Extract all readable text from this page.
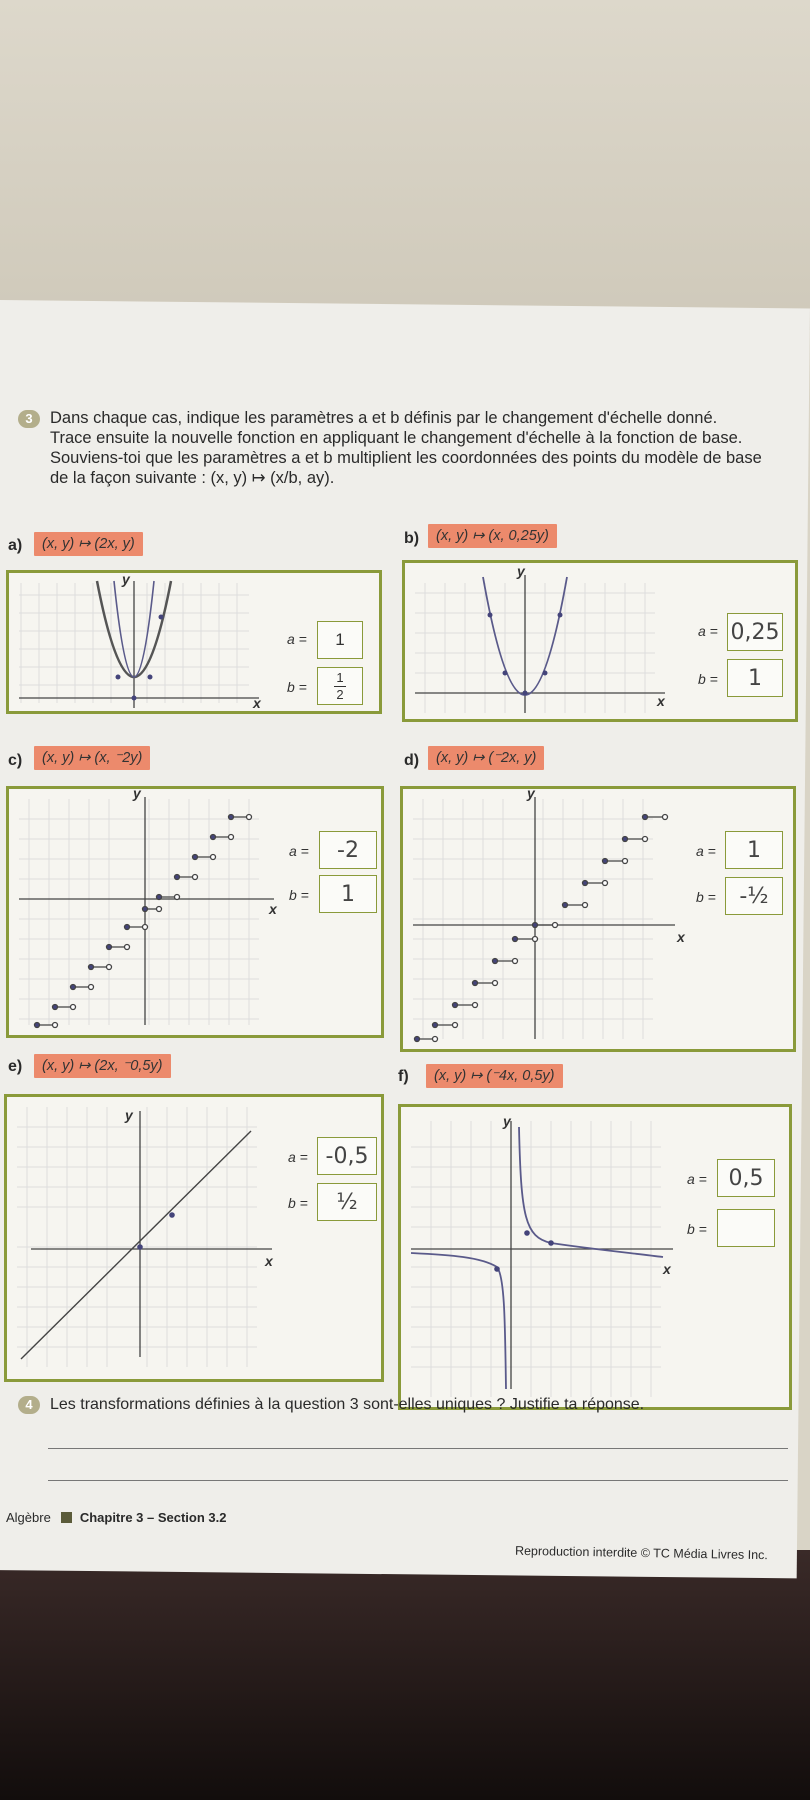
3	Dans chaque cas, indique les paramètres a et b définis par le changement d'échelle donné.
Trace ensuite la nouvelle fonction en appliquant le changement d'échelle à la fonction de base.
Souviens-toi que les paramètres a et b multiplient les coordonnées des points du modèle de base
de la façon suivante : (x, y) ↦ (x/b, ay).
a)	(x, y) ↦ (2x, y)
y
x
a = 1
$b = \frac{1}{2}$
b)	(x, y) ↦ (x, 0,25y)
y
x
a = 0,25
b = 1
c)	(x, y) ↦ (x, ⁻2y)
y
x
a = -2
b = 1
d)	(x, y) ↦ (⁻2x, y)
y
x
a = 1
b = -½
e)	(x, y) ↦ (2x, ⁻0,5y)
y
x
a = -0,5
b = ½
f)	(x, y) ↦ (⁻4x, 0,5y)
y
x
a = 0,5
b =
4 Les transformations définies à la question 3 sont-elles uniques ? Justifie ta réponse.
Algèbre Chapitre 3 – Section 3.2
Reproduction interdite © TC Média Livres Inc.
